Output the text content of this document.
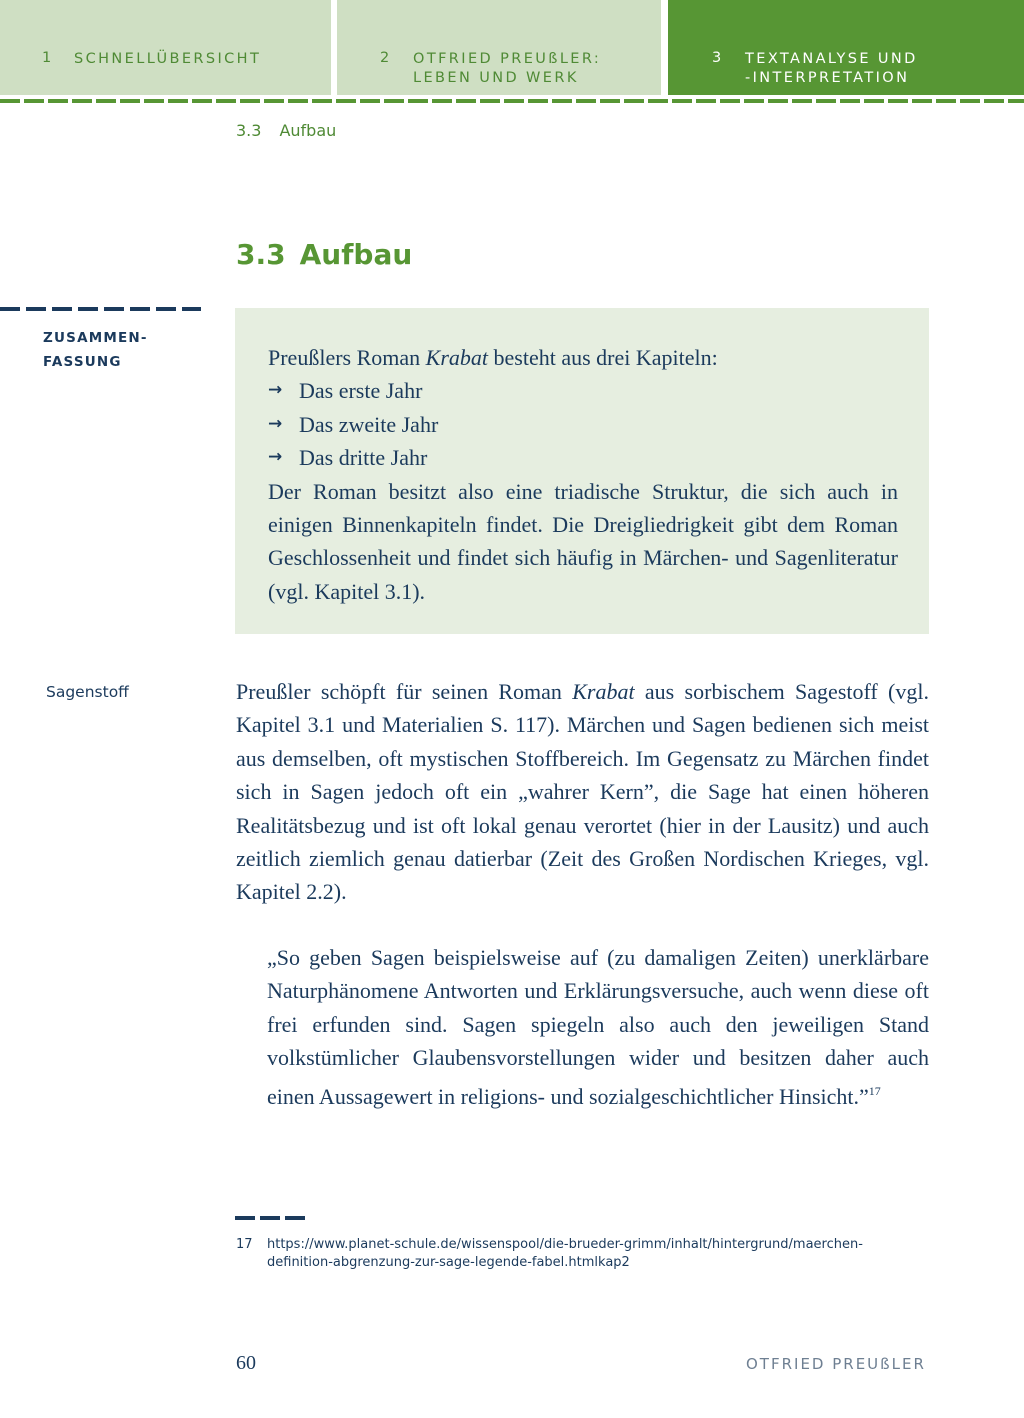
1 SCHNELLÜBERSICHT	2 OTFRIED PREUßLER:
LEBEN UND WERK
3 TEXTANALYSE UND
-INTERPRETATION
3.3 Aufbau
3.3 Aufbau
ZUSAMMEN-
FASSUNG	Preußlers Roman Krabat besteht aus drei Kapiteln:
→ Das erste Jahr
→ Das zweite Jahr
→ Das dritte Jahr

Der Roman besitzt also eine triadische Struktur, die sich auch in einigen Binnenkapiteln findet. Die Dreigliedrigkeit gibt dem Roman Geschlossenheit und findet sich häufig in Märchen- und Sagenliteratur (vgl. Kapitel 3.1).

Sagenstoff	Preußler schöpft für seinen Roman Krabat aus sorbischem Sagestoff (vgl. Kapitel 3.1 und Materialien S. 117). Märchen und Sagen bedienen sich meist aus demselben, oft mystischen Stoffbereich. Im Gegensatz zu Märchen findet sich in Sagen jedoch oft ein „wahrer Kern”, die Sage hat einen höheren Realitätsbezug und ist oft lokal genau verortet (hier in der Lausitz) und auch zeitlich ziemlich genau datierbar (Zeit des Großen Nordischen Krieges, vgl. Kapitel 2.2).

„So geben Sagen beispielsweise auf (zu damaligen Zeiten) unerklärbare Naturphänomene Antworten und Erklärungsversuche, auch wenn diese oft frei erfunden sind. Sagen spiegeln also auch den jeweiligen Stand volkstümlicher Glaubensvorstellungen wider und besitzen daher auch einen Aussagewert in religions- und sozialgeschichtlicher Hinsicht.”$^{17}$

17	https://www.planet-schule.de/wissenspool/die-brueder-grimm/inhalt/hintergrund/maerchen-definition-abgrenzung-zur-sage-legende-fabel.htmlkap2
60	OTFRIED PREUßLER
